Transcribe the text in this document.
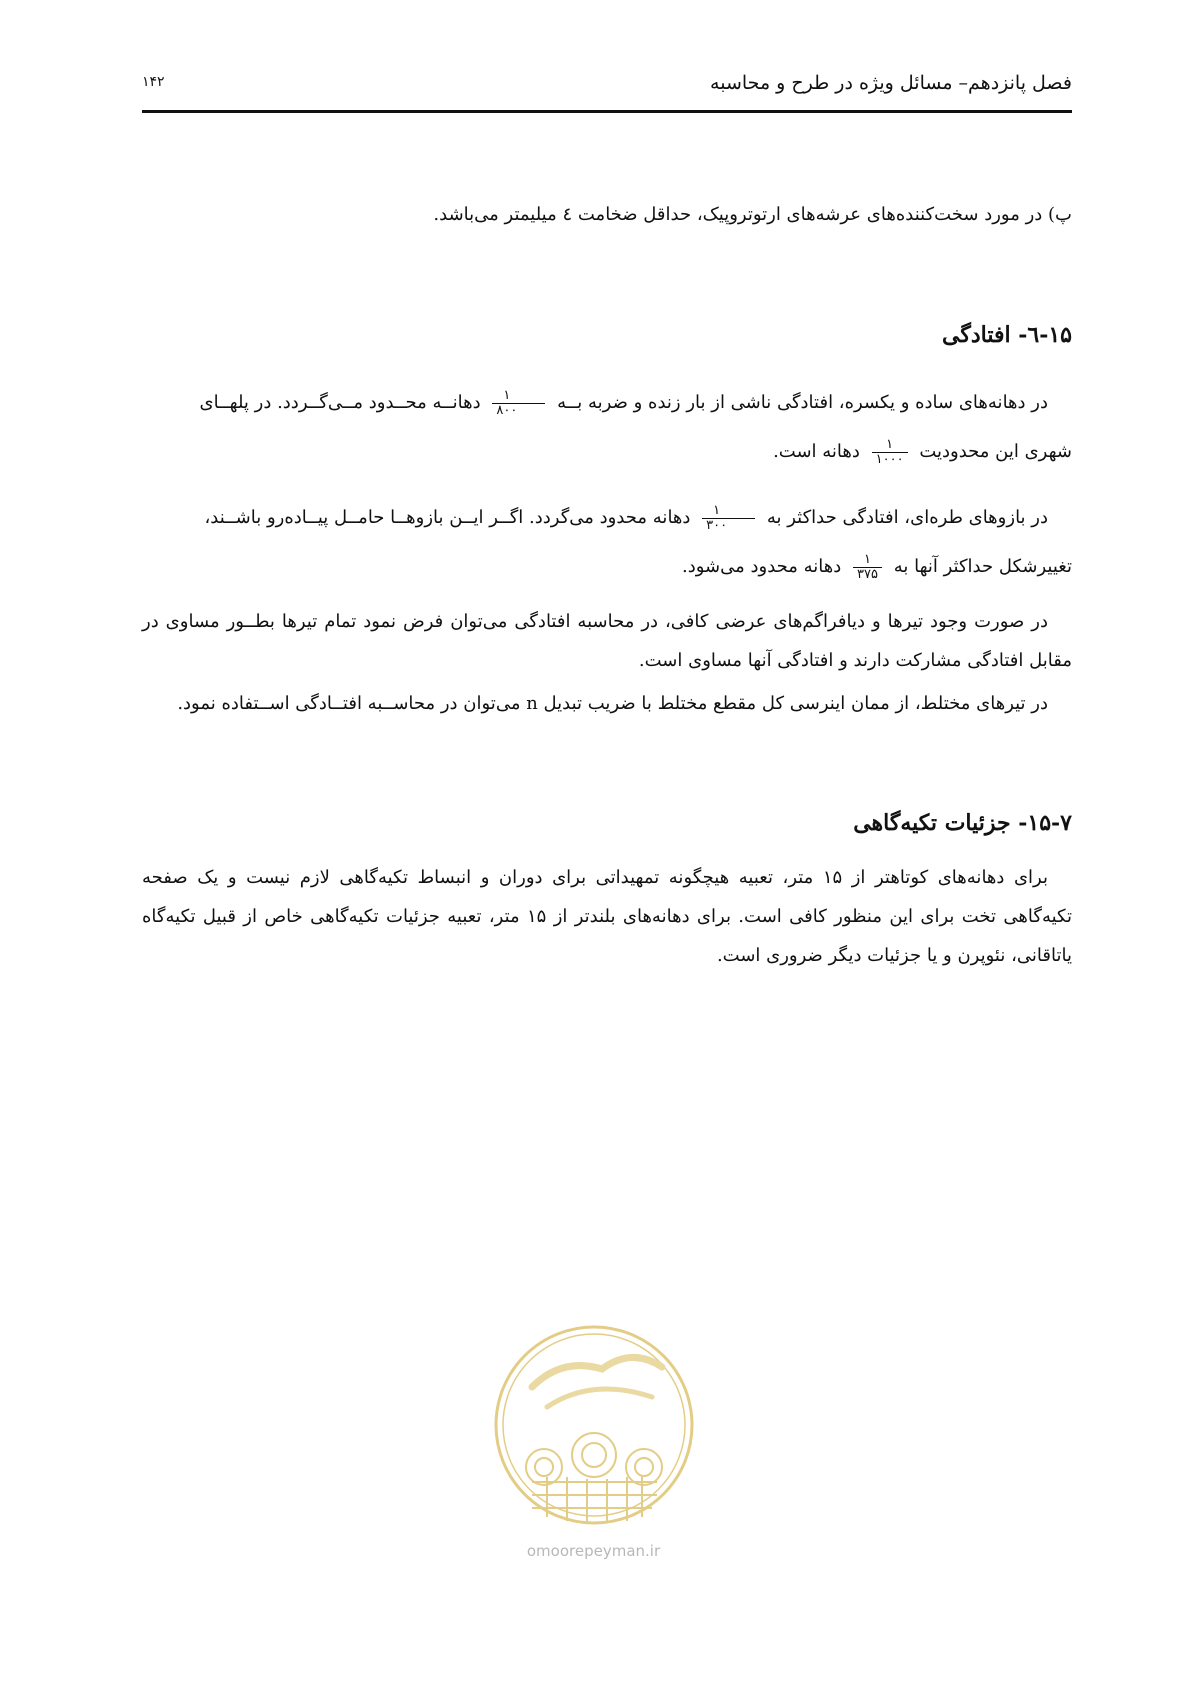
فصل پانزدهم– مسائل ویژه در طرح و محاسبه
۱۴۲
پ) در مورد سخت‌کننده‌های عرشه‌های ارتوتروپیک، حداقل ضخامت ٤ میلیمتر می‌باشد.
۱۵-٦- افتادگی
در دهانه‌های ساده و یکسره، افتادگی ناشی از بار زنده و ضربه بــه
$\frac{۱}{۸۰۰}$
دهانــه محــدود مــی‌گــردد. در پلهــای
شهری این محدودیت
$\frac{۱}{۱۰۰۰}$
دهانه است.
در بازوهای طره‌ای، افتادگی حداکثر به
$\frac{۱}{۳۰۰}$
دهانه محدود می‌گردد. اگــر ایــن بازوهــا حامــل پیــاده‌رو باشــند،
تغییرشکل حداکثر آنها به
$\frac{۱}{۳۷۵}$
دهانه محدود می‌شود.
در صورت وجود تیرها و دیافراگم‌های عرضی کافی، در محاسبه افتادگی می‌توان فرض نمود تمام تیرها بطــور مساوی در مقابل افتادگی مشارکت دارند و افتادگی آنها مساوی است.
در تیرهای مختلط، از ممان اینرسی کل مقطع مختلط با ضریب تبدیل n می‌توان در محاســبه افتــادگی اســتفاده نمود.
۱۵-۷- جزئیات تکیه‌گاهی
برای دهانه‌های کوتاهتر از ۱۵ متر، تعبیه هیچگونه تمهیداتی برای دوران و انبساط تکیه‌گاهی لازم نیست و یک صفحه تکیه‌گاهی تخت برای این منظور کافی است. برای دهانه‌های بلندتر از ۱۵ متر، تعبیه جزئیات تکیه‌گاهی خاص از قبیل تکیه‌گاه یاتاقانی، نئوپرن و یا جزئیات دیگر ضروری است.
omoorepeyman.ir
